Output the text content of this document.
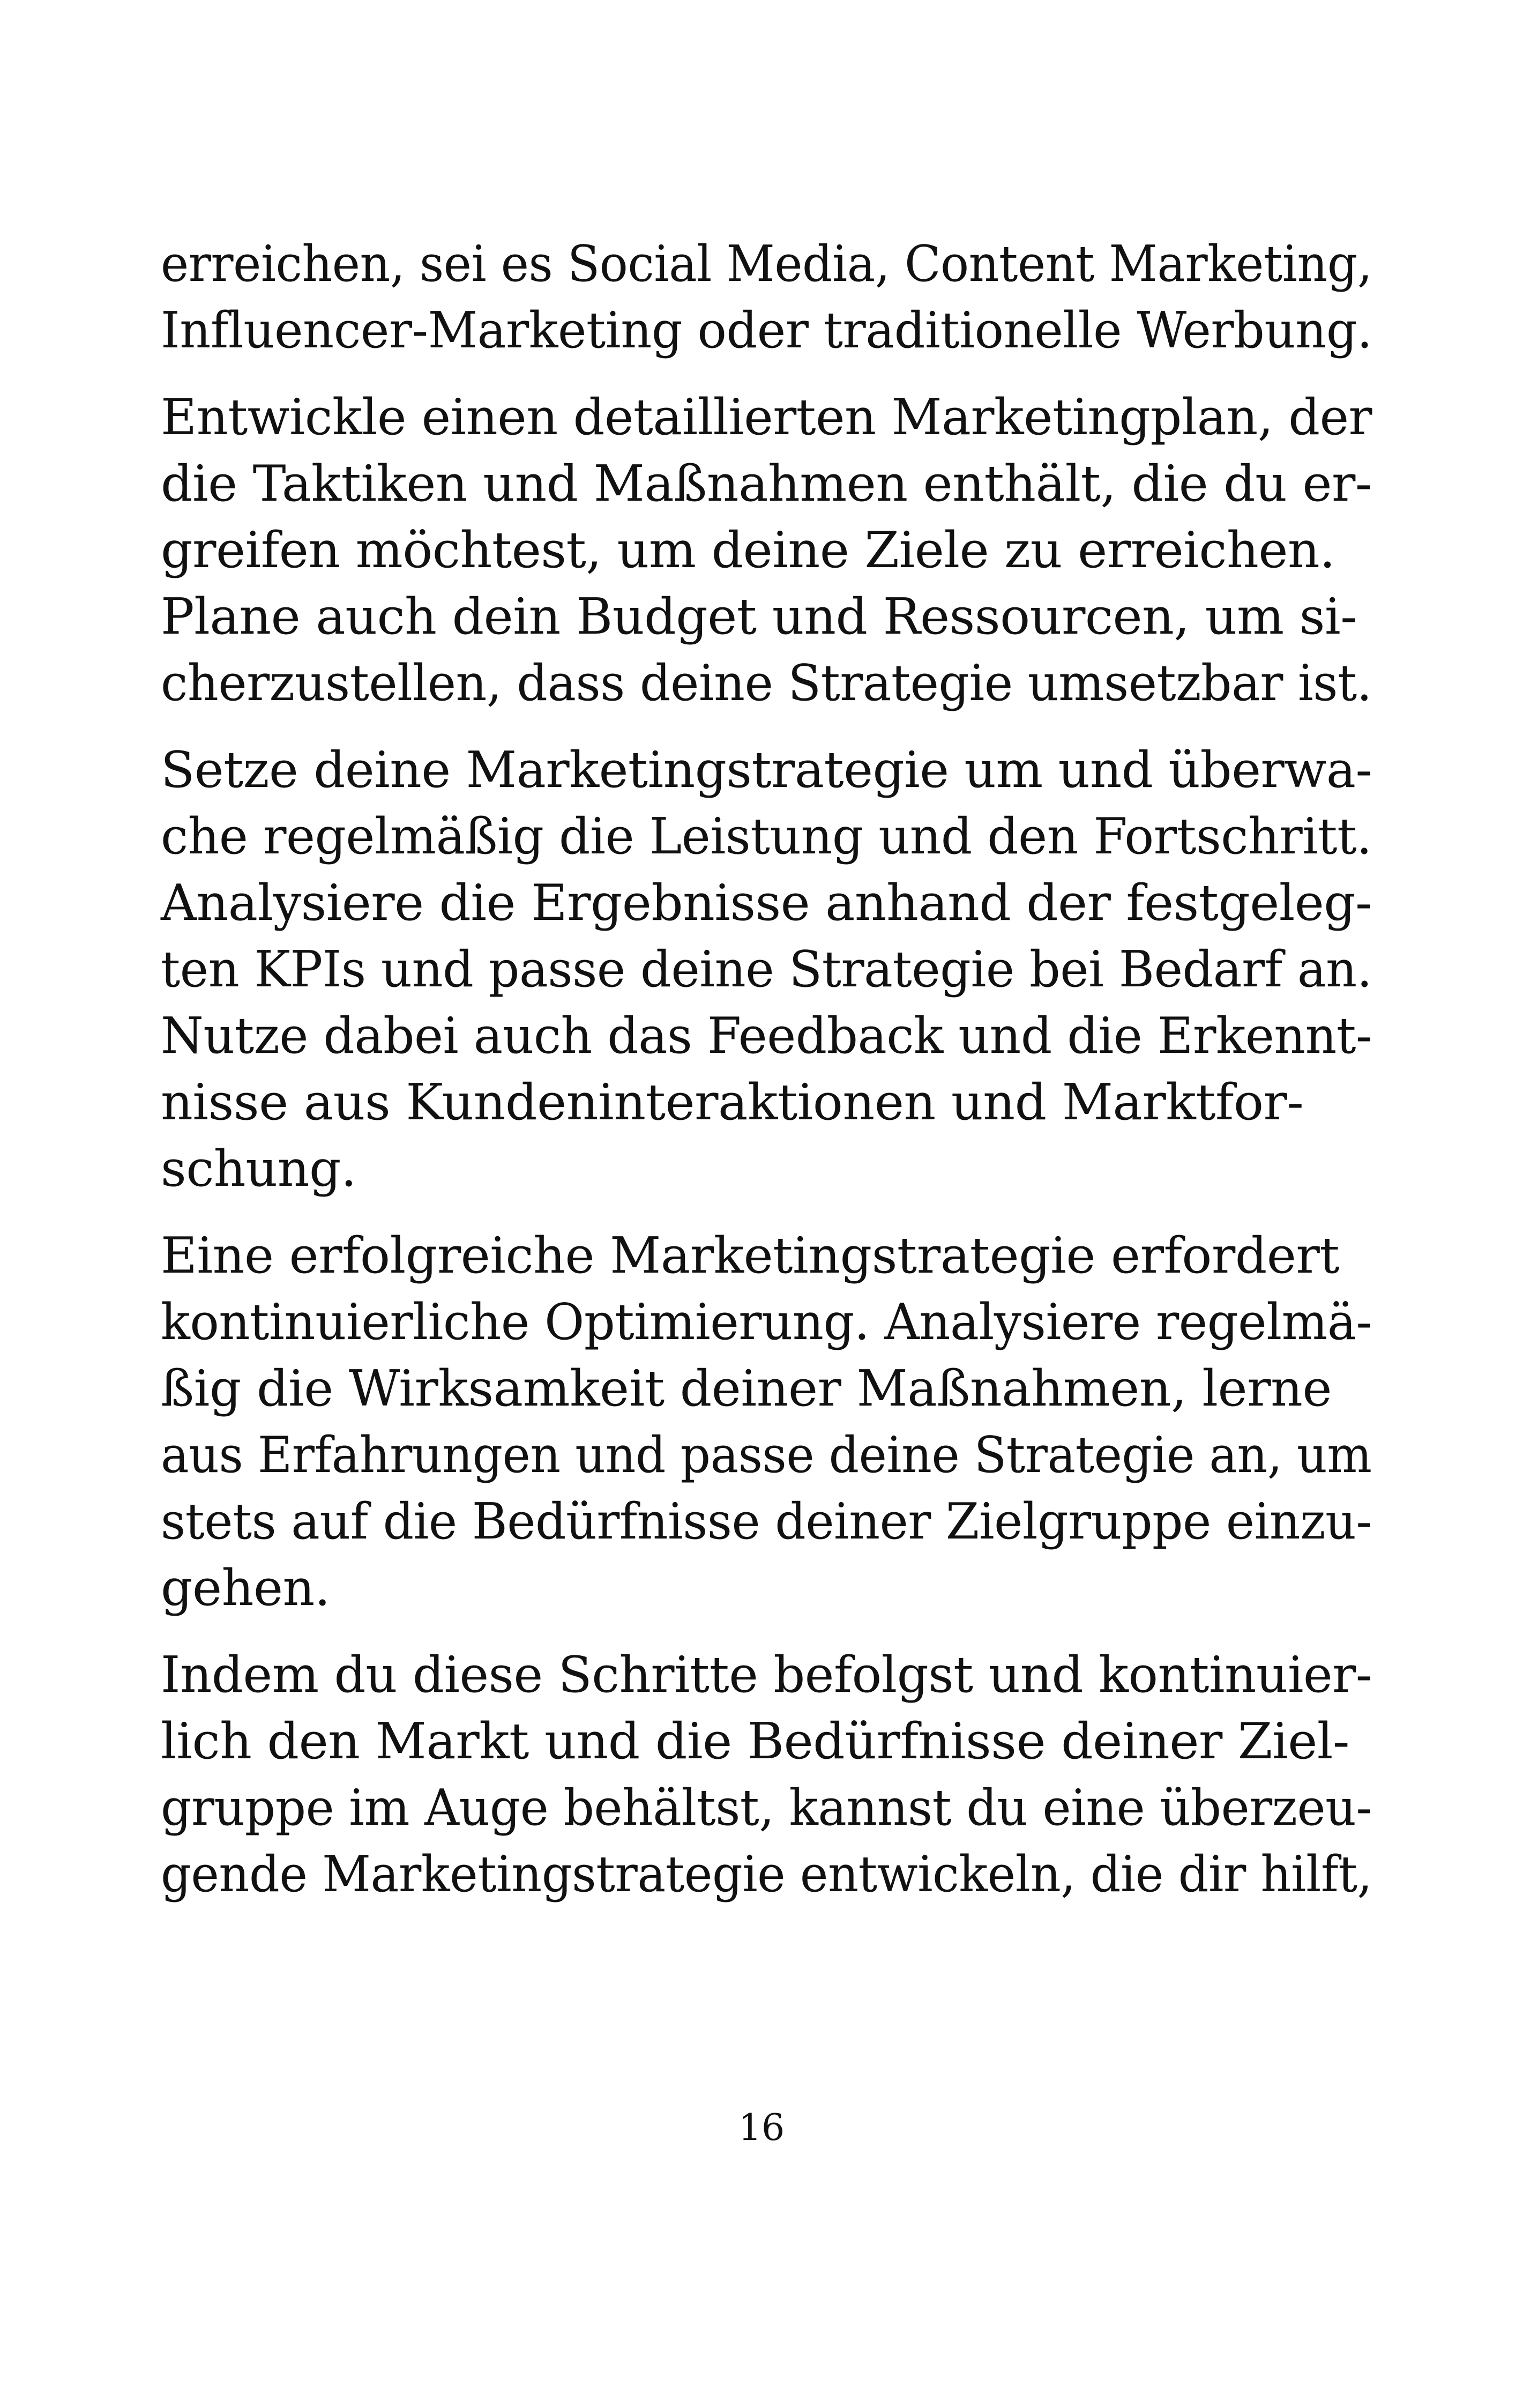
erreichen, sei es Social Media, Content Marketing,
Influencer-Marketing oder traditionelle Werbung.

Entwickle einen detaillierten Marketingplan, der
die Taktiken und Maßnahmen enthält, die du er-
greifen möchtest, um deine Ziele zu erreichen.
Plane auch dein Budget und Ressourcen, um si-
cherzustellen, dass deine Strategie umsetzbar ist.

Setze deine Marketingstrategie um und überwa-
che regelmäßig die Leistung und den Fortschritt.
Analysiere die Ergebnisse anhand der festgeleg-
ten KPIs und passe deine Strategie bei Bedarf an.
Nutze dabei auch das Feedback und die Erkennt-
nisse aus Kundeninteraktionen und Marktfor-
schung.

Eine erfolgreiche Marketingstrategie erfordert
kontinuierliche Optimierung. Analysiere regelmä-
ßig die Wirksamkeit deiner Maßnahmen, lerne
aus Erfahrungen und passe deine Strategie an, um
stets auf die Bedürfnisse deiner Zielgruppe einzu-
gehen.

Indem du diese Schritte befolgst und kontinuier-
lich den Markt und die Bedürfnisse deiner Ziel-
gruppe im Auge behältst, kannst du eine überzeu-
gende Marketingstrategie entwickeln, die dir hilft,

16
